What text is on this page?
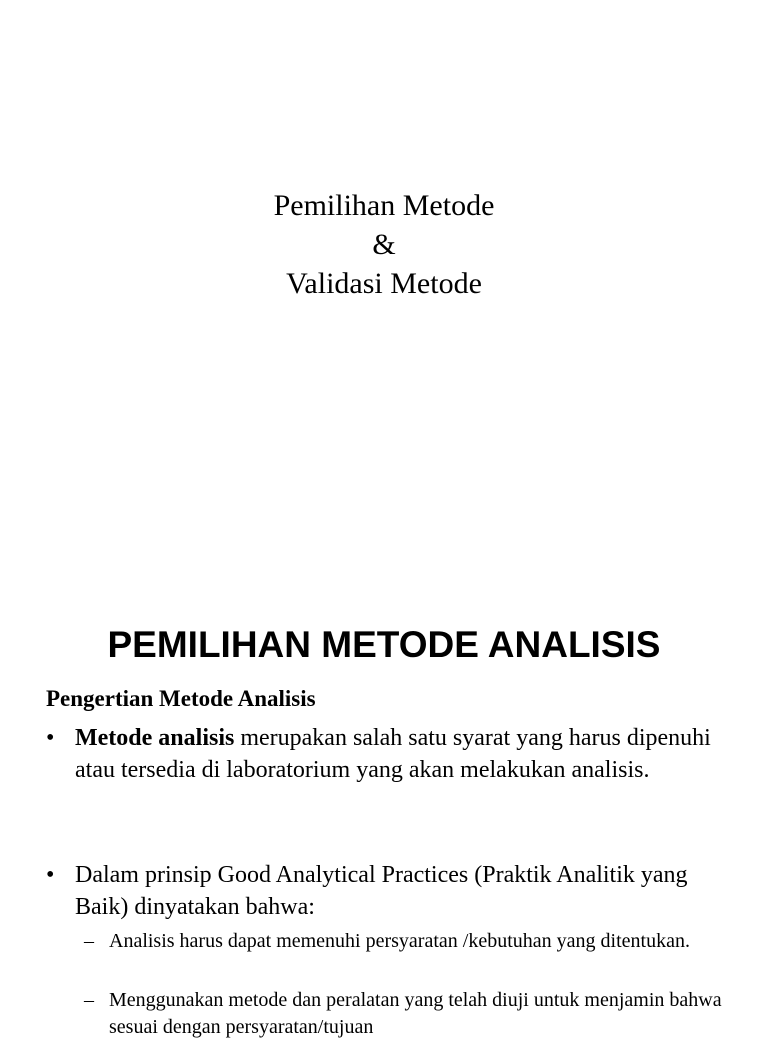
Pemilihan Metode
&
Validasi Metode
PEMILIHAN METODE ANALISIS
Pengertian Metode Analisis
• Metode analisis merupakan salah satu syarat yang harus dipenuhi atau tersedia di laboratorium yang akan melakukan analisis.
• Dalam prinsip Good Analytical Practices (Praktik Analitik yang Baik) dinyatakan bahwa:
– Analisis harus dapat memenuhi persyaratan /kebutuhan yang ditentukan.
– Menggunakan metode dan peralatan yang telah diuji untuk menjamin bahwa sesuai dengan persyaratan/tujuan
